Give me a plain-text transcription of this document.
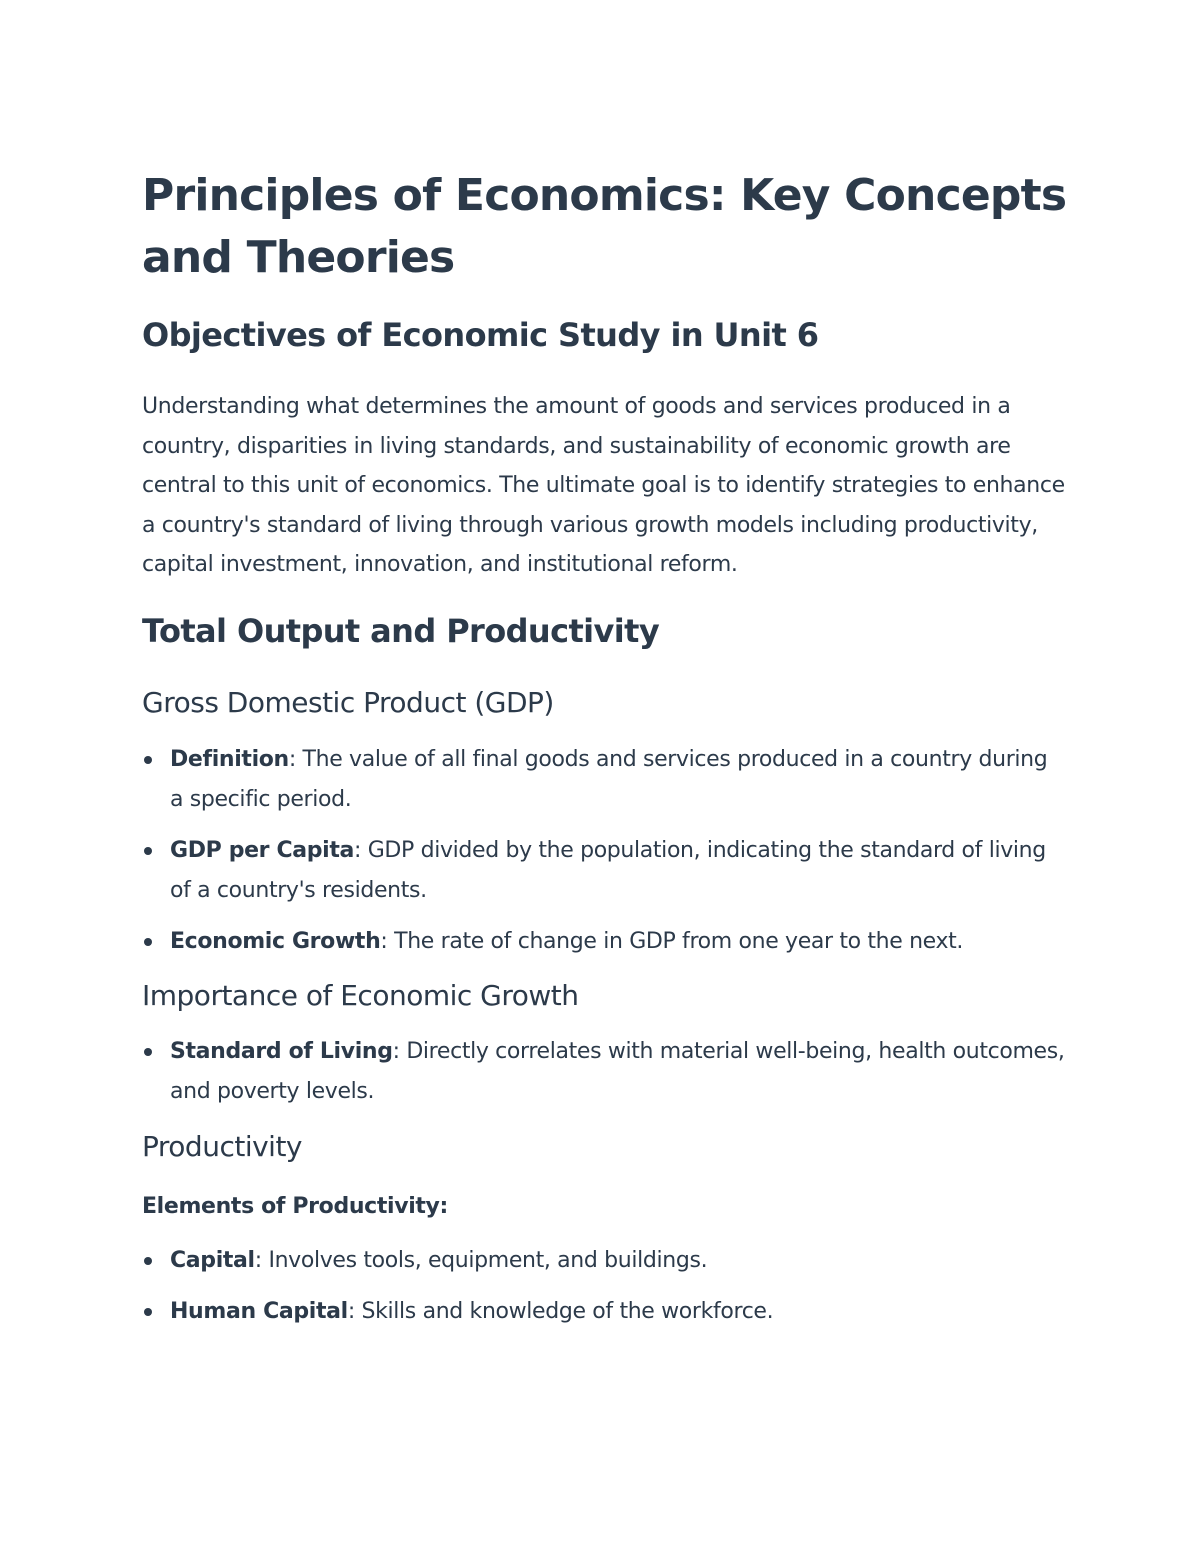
Principles of Economics: Key Concepts and Theories
Objectives of Economic Study in Unit 6

Understanding what determines the amount of goods and services produced in a country, disparities in living standards, and sustainability of economic growth are central to this unit of economics. The ultimate goal is to identify strategies to enhance a country's standard of living through various growth models including productivity, capital investment, innovation, and institutional reform.

Total Output and Productivity
Gross Domestic Product (GDP)
Definition: The value of all final goods and services produced in a country during a specific period.
GDP per Capita: GDP divided by the population, indicating the standard of living of a country's residents.
Economic Growth: The rate of change in GDP from one year to the next.
Importance of Economic Growth
Standard of Living: Directly correlates with material well-being, health outcomes, and poverty levels.
Productivity

Elements of Productivity:

Capital: Involves tools, equipment, and buildings.
Human Capital: Skills and knowledge of the workforce.
